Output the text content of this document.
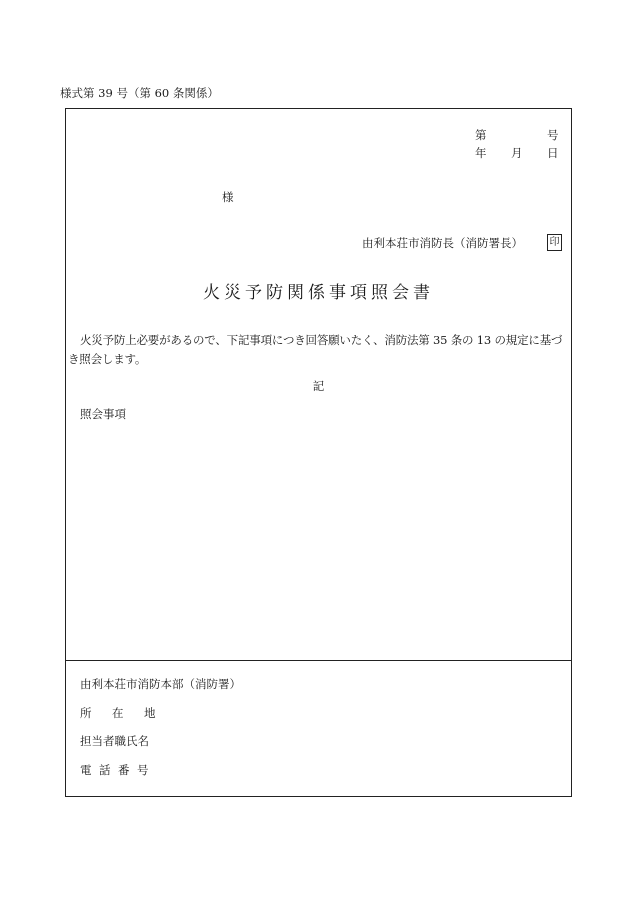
様式第 39 号（第 60 条関係）
第	号
年 月 日
様
由利本荘市消防長（消防署長）	印
火災予防関係事項照会書
火災予防上必要があるので、下記事項につき回答願いたく、消防法第 35 条の 13 の規定に基づき照会します。
記
照会事項
由利本荘市消防本部（消防署）
所 在 地
担当者職氏名
電 話 番 号
